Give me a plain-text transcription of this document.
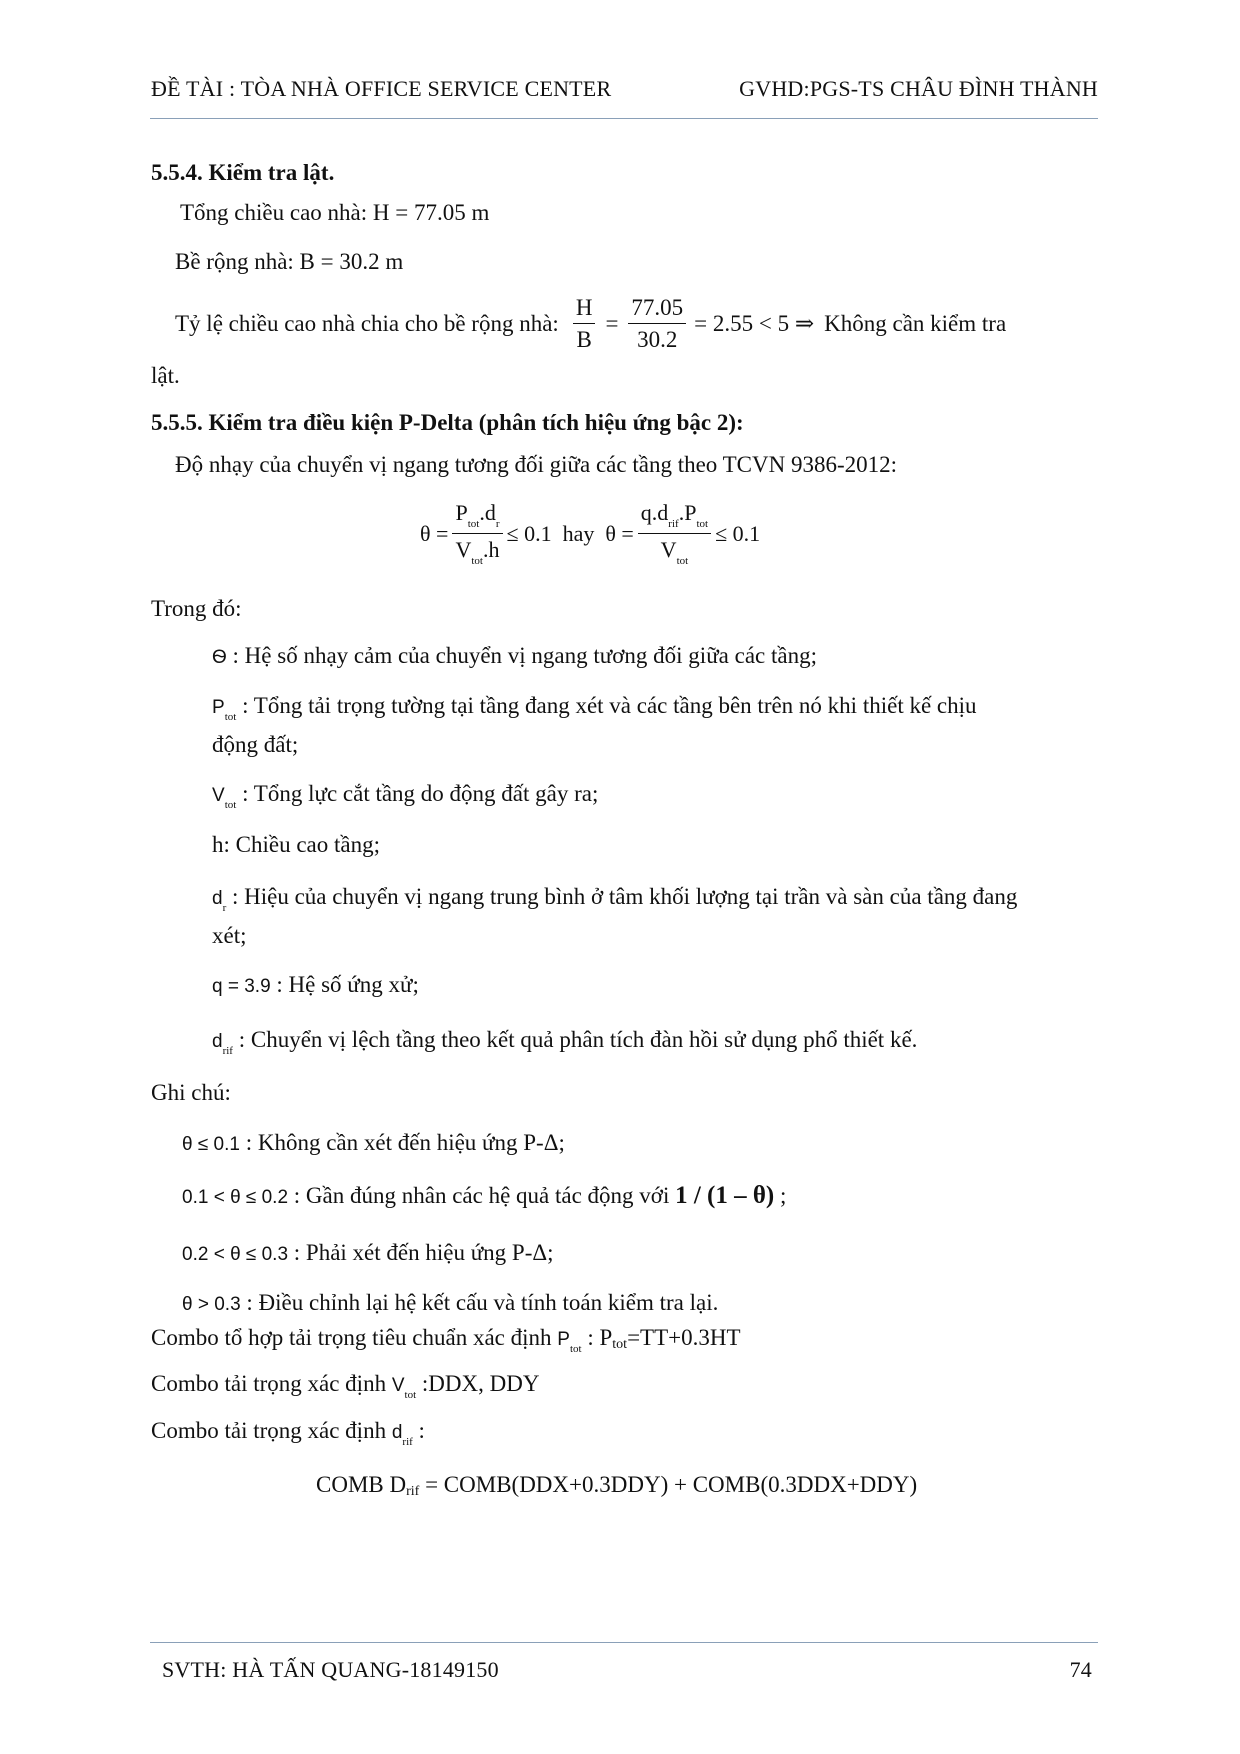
ĐỀ TÀI : TÒA NHÀ OFFICE SERVICE CENTER	GVHD:PGS-TS CHÂU ĐÌNH THÀNH
5.5.4. Kiểm tra lật.
Tổng chiều cao nhà: H = 77.05 m
Bề rộng nhà: B = 30.2 m
Tỷ lệ chiều cao nhà chia cho bề rộng nhà: $\frac{H}{B} = \frac{77.05}{30.2} = 2.55 < 5$ ⇒ Không cần kiểm tra
lật.
5.5.5. Kiểm tra điều kiện P-Delta (phân tích hiệu ứng bậc 2):
Độ nhạy của chuyển vị ngang tương đối giữa các tầng theo TCVN 9386-2012:
$\theta = \frac{P_{tot}.d_r}{V_{tot}.h} \le 0.1$  hay  $\theta = \frac{q.d_{rif}.P_{tot}}{V_{tot}} \le 0.1$
Trong đó:
Ѳ : Hệ số nhạy cảm của chuyển vị ngang tương đối giữa các tầng;
$P_{tot}$ : Tổng tải trọng tường tại tầng đang xét và các tầng bên trên nó khi thiết kế chịu
động đất;
$V_{tot}$ : Tổng lực cắt tầng do động đất gây ra;
h: Chiều cao tầng;
$d_r$ : Hiệu của chuyển vị ngang trung bình ở tâm khối lượng tại trần và sàn của tầng đang
xét;
q = 3.9 : Hệ số ứng xử;
$d_{rif}$ : Chuyển vị lệch tầng theo kết quả phân tích đàn hồi sử dụng phổ thiết kế.
Ghi chú:
θ ≤ 0.1 : Không cần xét đến hiệu ứng P-Δ;
0.1 < θ ≤ 0.2 : Gần đúng nhân các hệ quả tác động với 1 / (1 – θ) ;
0.2 < θ ≤ 0.3 : Phải xét đến hiệu ứng P-Δ;
θ > 0.3 : Điều chỉnh lại hệ kết cấu và tính toán kiểm tra lại.
Combo tổ hợp tải trọng tiêu chuẩn xác định $P_{tot}$ : $P_{tot}=TT+0.3HT$
Combo tải trọng xác định $V_{tot}$ :DDX, DDY
Combo tải trọng xác định $d_{rif}$ :
COMB $D_{rif}$ = COMB(DDX+0.3DDY) + COMB(0.3DDX+DDY)
SVTH: HÀ TẤN QUANG-18149150	74
